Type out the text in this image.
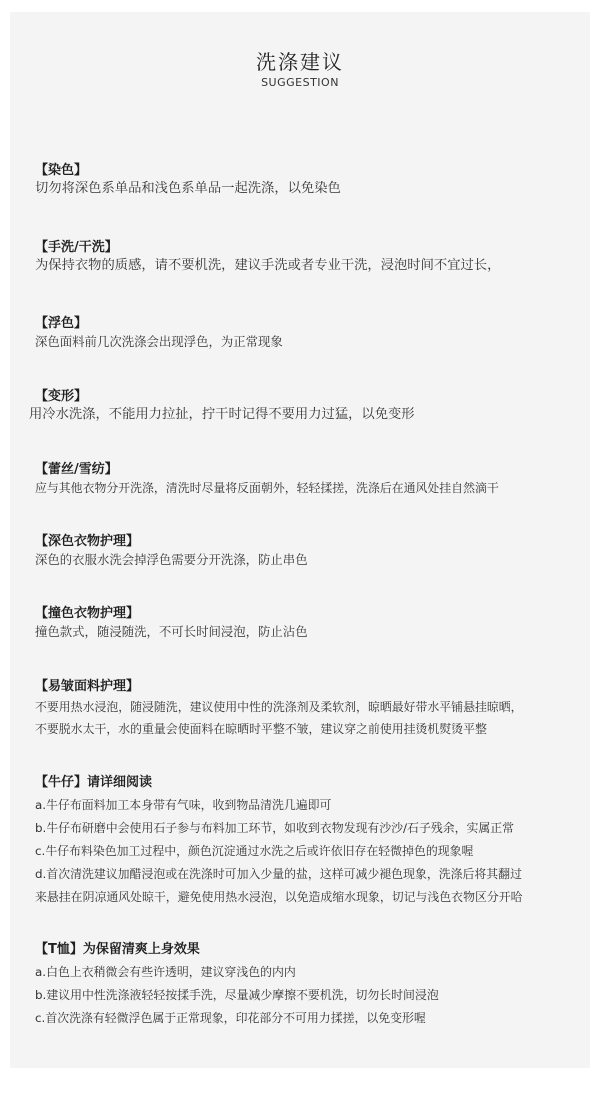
洗涤建议
SUGGESTION
【染色】
切勿将深色系单品和浅色系单品一起洗涤，以免染色
【手洗/干洗】
为保持衣物的质感，请不要机洗，建议手洗或者专业干洗，浸泡时间不宜过长，
【浮色】
深色面料前几次洗涤会出现浮色，为正常现象
【变形】
用冷水洗涤，不能用力拉扯，拧干时记得不要用力过猛，以免变形
【蕾丝/雪纺】
应与其他衣物分开洗涤，清洗时尽量将反面朝外，轻轻揉搓，洗涤后在通风处挂自然滴干
【深色衣物护理】
深色的衣服水洗会掉浮色需要分开洗涤，防止串色
【撞色衣物护理】
撞色款式，随浸随洗，不可长时间浸泡，防止沾色
【易皱面料护理】
不要用热水浸泡，随浸随洗，建议使用中性的洗涤剂及柔软剂，晾晒最好带水平铺悬挂晾晒，
不要脱水太干，水的重量会使面料在晾晒时平整不皱，建议穿之前使用挂烫机熨烫平整
【牛仔】请详细阅读
a.牛仔布面料加工本身带有气味，收到物品清洗几遍即可
b.牛仔布研磨中会使用石子参与布料加工环节，如收到衣物发现有沙沙/石子残余，实属正常
c.牛仔布料染色加工过程中，颜色沉淀通过水洗之后或许依旧存在轻微掉色的现象喔
d.首次清洗建议加醋浸泡或在洗涤时可加入少量的盐，这样可减少褪色现象，洗涤后将其翻过
来悬挂在阴凉通风处晾干，避免使用热水浸泡，以免造成缩水现象，切记与浅色衣物区分开哈
【T恤】为保留清爽上身效果
a.白色上衣稍微会有些许透明，建议穿浅色的内内
b.建议用中性洗涤液轻轻按揉手洗，尽量减少摩擦不要机洗，切勿长时间浸泡
c.首次洗涤有轻微浮色属于正常现象，印花部分不可用力揉搓，以免变形喔
